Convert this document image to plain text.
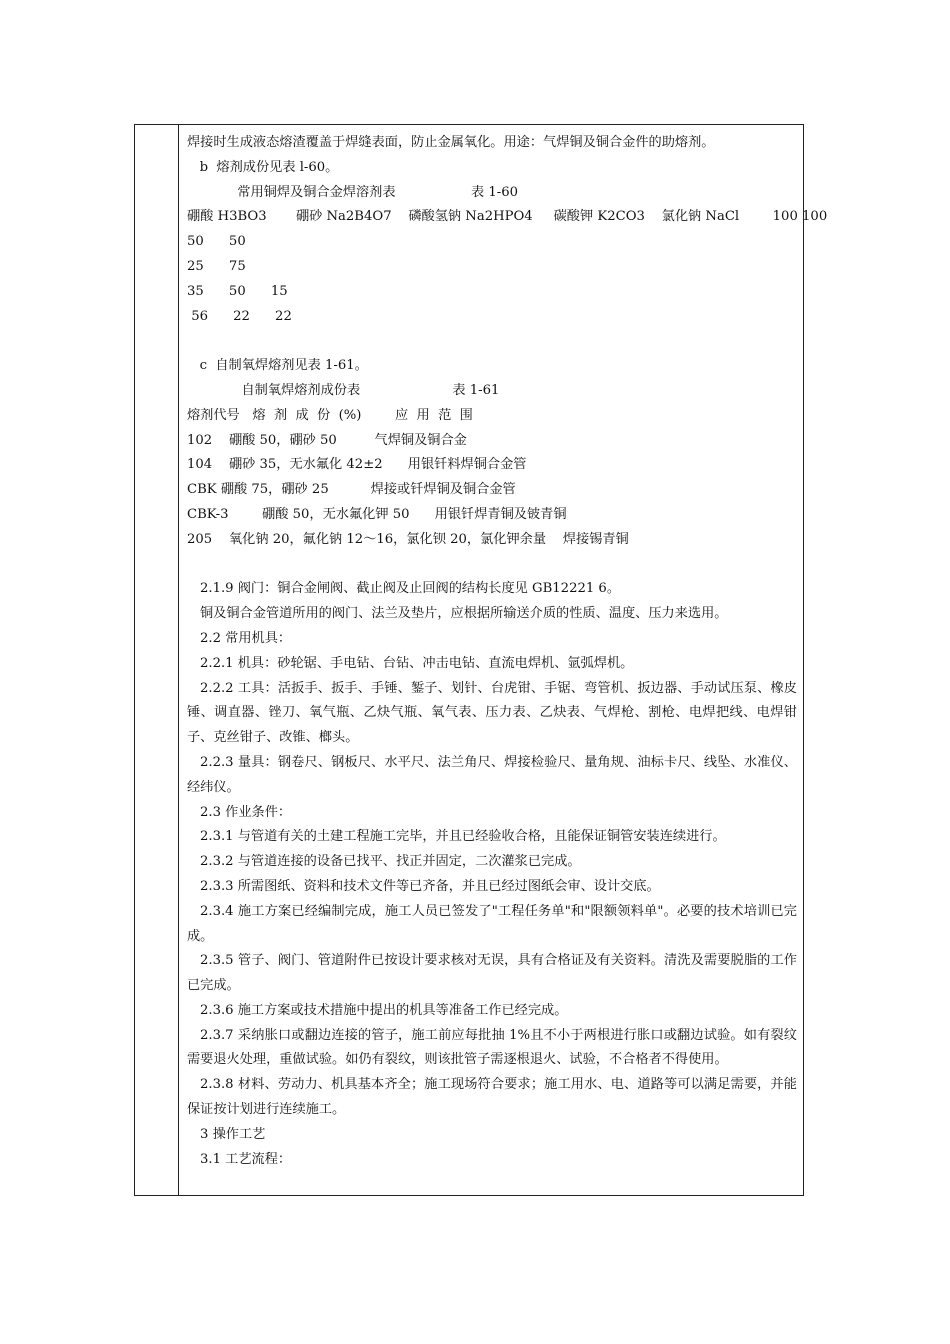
焊接时生成液态熔渣覆盖于焊缝表面，防止金属氧化。用途：气焊铜及铜合金件的助熔剂。
b  熔剂成份见表 l-60。
常用铜焊及铜合金焊溶剂表                  表 1-60
硼酸 H3BO3       硼砂 Na2B4O7    磷酸氢钠 Na2HPO4     碳酸钾 K2CO3    氯化钠 NaCl        100 100
50      50
25      75
35      50      15
56      22      22
c  自制氧焊熔剂见表 1-61。
自制氧焊熔剂成份表                      表 1-61
熔剂代号   熔  剂  成  份  (%)        应  用  范  围
102    硼酸 50，硼砂 50         气焊铜及铜合金
104    硼砂 35，无水氟化 42±2      用银钎料焊铜合金管
CBK 硼酸 75，硼砂 25          焊接或钎焊铜及铜合金管
CBK-3        硼酸 50，无水氟化钾 50      用银钎焊青铜及铍青铜
205    氧化钠 20，氟化钠 12～16，氯化钡 20，氯化钾余量    焊接锡青铜

2.1.9 阀门：铜合金闸阀、截止阀及止回阀的结构长度见 GB12221 6。

铜及铜合金管道所用的阀门、法兰及垫片，应根据所输送介质的性质、温度、压力来选用。

2.2 常用机具：

2.2.1 机具：砂轮锯、手电钻、台钻、冲击电钻、直流电焊机、氩弧焊机。

2.2.2 工具：活扳手、扳手、手锤、錾子、划针、台虎钳、手锯、弯管机、扳边器、手动试压泵、橡皮锤、调直器、锉刀、氧气瓶、乙炔气瓶、氧气表、压力表、乙炔表、气焊枪、割枪、电焊把线、电焊钳子、克丝钳子、改锥、榔头。

2.2.3 量具：钢卷尺、钢板尺、水平尺、法兰角尺、焊接检验尺、量角规、油标卡尺、线坠、水准仪、经纬仪。

2.3 作业条件：

2.3.1 与管道有关的土建工程施工完毕，并且已经验收合格，且能保证铜管安装连续进行。

2.3.2 与管道连接的设备已找平、找正并固定，二次灌浆已完成。

2.3.3 所需图纸、资料和技术文件等已齐备，并且已经过图纸会审、设计交底。

2.3.4 施工方案已经编制完成，施工人员已签发了"工程任务单"和"限额领料单"。必要的技术培训已完成。

2.3.5 管子、阀门、管道附件已按设计要求核对无误，具有合格证及有关资料。清洗及需要脱脂的工作已完成。

2.3.6 施工方案或技术措施中提出的机具等准备工作已经完成。

2.3.7 采纳胀口或翻边连接的管子，施工前应每批抽 1%且不小于两根进行胀口或翻边试验。如有裂纹需要退火处理，重做试验。如仍有裂纹，则该批管子需逐根退火、试验，不合格者不得使用。

2.3.8 材料、劳动力、机具基本齐全；施工现场符合要求；施工用水、电、道路等可以满足需要，并能保证按计划进行连续施工。

3 操作工艺

3.1 工艺流程：
